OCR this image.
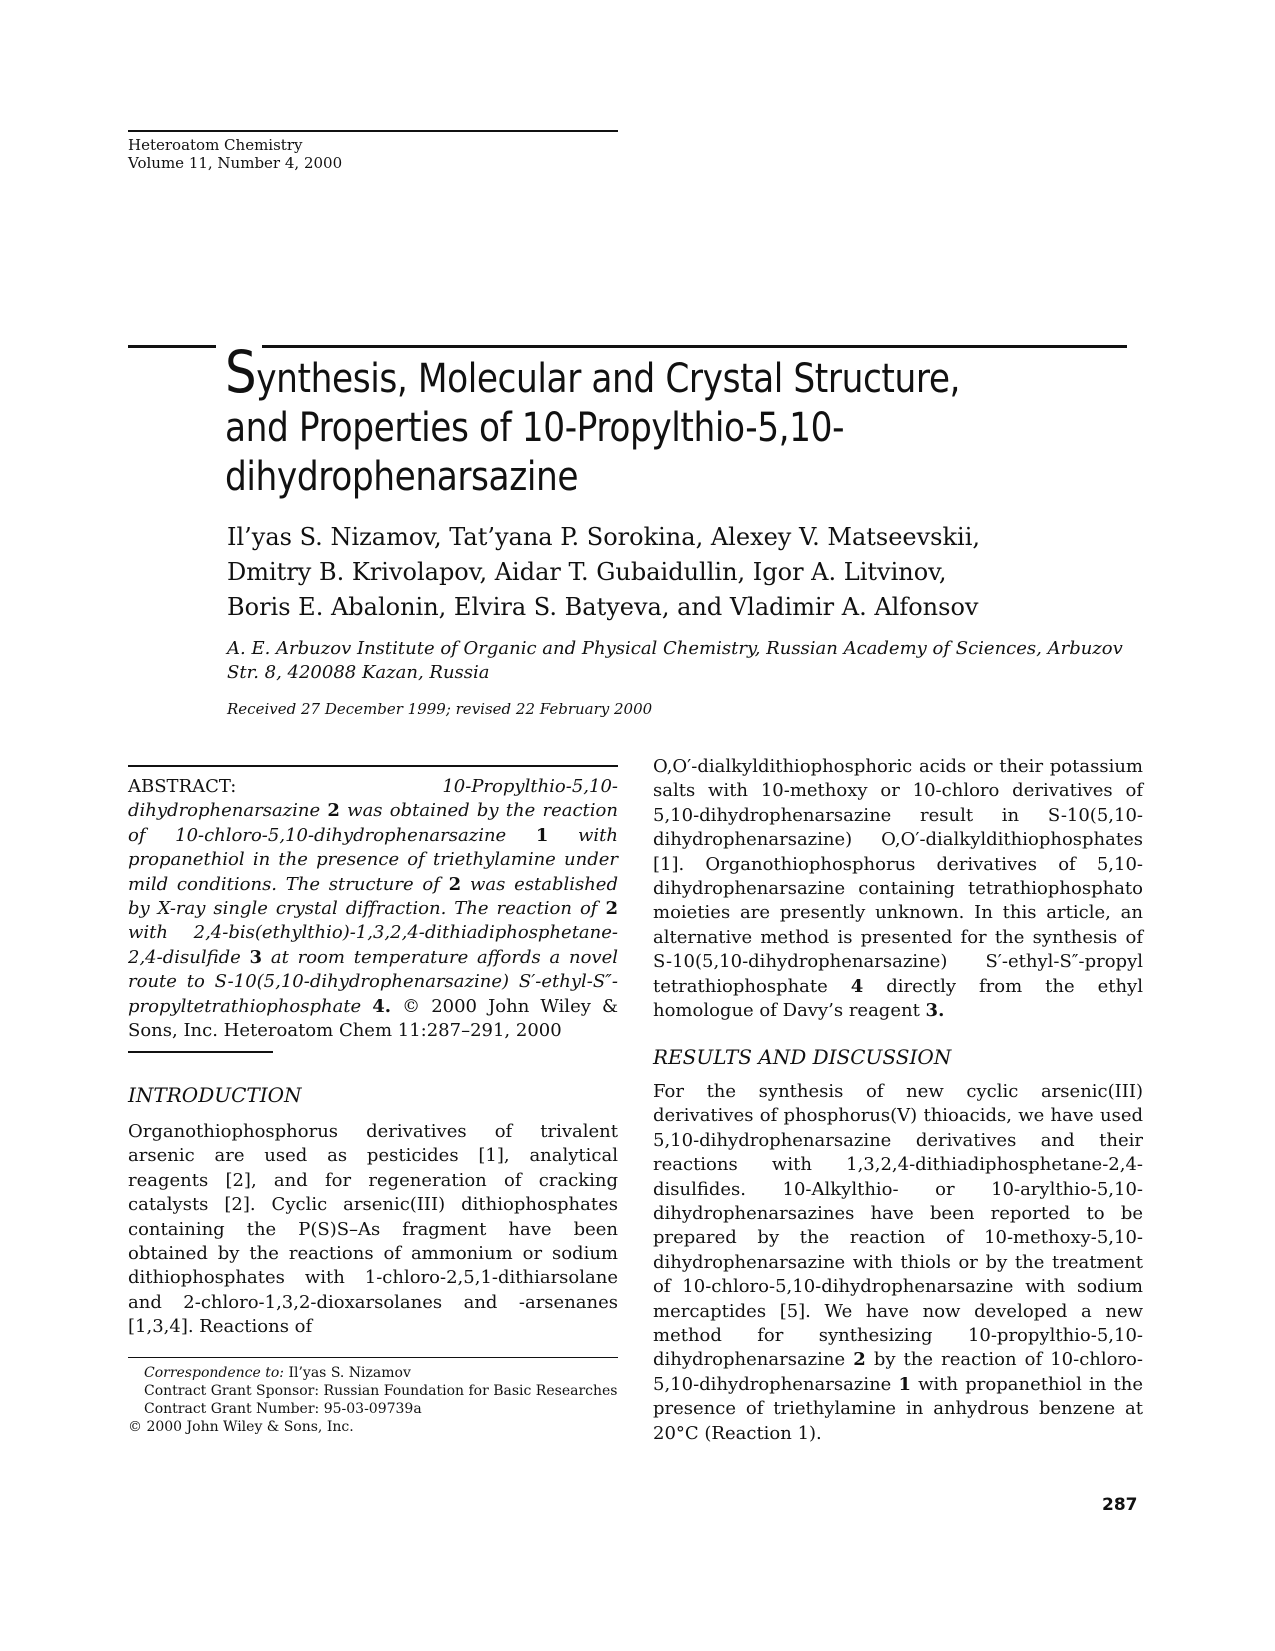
Heteroatom Chemistry
Volume 11, Number 4, 2000
Synthesis, Molecular and Crystal Structure,
and Properties of 10-Propylthio-5,10-
dihydrophenarsazine
Il’yas S. Nizamov, Tat’yana P. Sorokina, Alexey V. Matseevskii,
Dmitry B. Krivolapov, Aidar T. Gubaidullin, Igor A. Litvinov,
Boris E. Abalonin, Elvira S. Batyeva, and Vladimir A. Alfonsov
A. E. Arbuzov Institute of Organic and Physical Chemistry, Russian Academy of Sciences, Arbuzov Str. 8, 420088 Kazan, Russia
Received 27 December 1999; revised 22 February 2000
ABSTRACT:	10-Propylthio-5,10-dihydrophenarsazine 2 was obtained by the reaction of 10-chloro-5,10-dihydrophenarsazine 1 with propanethiol in the presence of triethylamine under mild conditions. The structure of 2 was established by X-ray single crystal diffraction. The reaction of 2 with 2,4-bis(ethylthio)-1,3,2,4-dithiadiphosphetane-2,4-disulfide 3 at room temperature affords a novel route to S-10(5,10-dihydrophenarsazine) S′-ethyl-S″-propyltetrathiophosphate 4. © 2000 John Wiley & Sons, Inc. Heteroatom Chem 11:287–291, 2000
INTRODUCTION

Organothiophosphorus derivatives of trivalent arsenic are used as pesticides [1], analytical reagents [2], and for regeneration of cracking catalysts [2]. Cyclic arsenic(III) dithiophosphates containing the P(S)S–As fragment have been obtained by the reactions of ammonium or sodium dithiophosphates with 1-chloro-2,5,1-dithiarsolane and 2-chloro-1,3,2-dioxarsolanes and -arsenanes [1,3,4]. Reactions of

O,O′-dialkyldithiophosphoric acids or their potassium salts with 10-methoxy or 10-chloro derivatives of 5,10-dihydrophenarsazine result in S-10(5,10-dihydrophenarsazine) O,O′-dialkyldithiophosphates [1]. Organothiophosphorus derivatives of 5,10-dihydrophenarsazine containing tetrathiophosphato moieties are presently unknown. In this article, an alternative method is presented for the synthesis of S-10(5,10-dihydrophenarsazine) S′-ethyl-S″-propyl tetrathiophosphate 4 directly from the ethyl homologue of Davy’s reagent 3.

RESULTS AND DISCUSSION

For the synthesis of new cyclic arsenic(III) derivatives of phosphorus(V) thioacids, we have used 5,10-dihydrophenarsazine derivatives and their reactions with 1,3,2,4-dithiadiphosphetane-2,4-disulfides. 10-Alkylthio- or 10-arylthio-5,10-dihydrophenarsazines have been reported to be prepared by the reaction of 10-methoxy-5,10-dihydrophenarsazine with thiols or by the treatment of 10-chloro-5,10-dihydrophenarsazine with sodium mercaptides [5]. We have now developed a new method for synthesizing 10-propylthio-5,10-dihydrophenarsazine 2 by the reaction of 10-chloro-5,10-dihydrophenarsazine 1 with propanethiol in the presence of triethylamine in anhydrous benzene at 20°C (Reaction 1).

Correspondence to: Il’yas S. Nizamov
Contract Grant Sponsor: Russian Foundation for Basic Researches
Contract Grant Number: 95-03-09739a
© 2000 John Wiley & Sons, Inc.
287
